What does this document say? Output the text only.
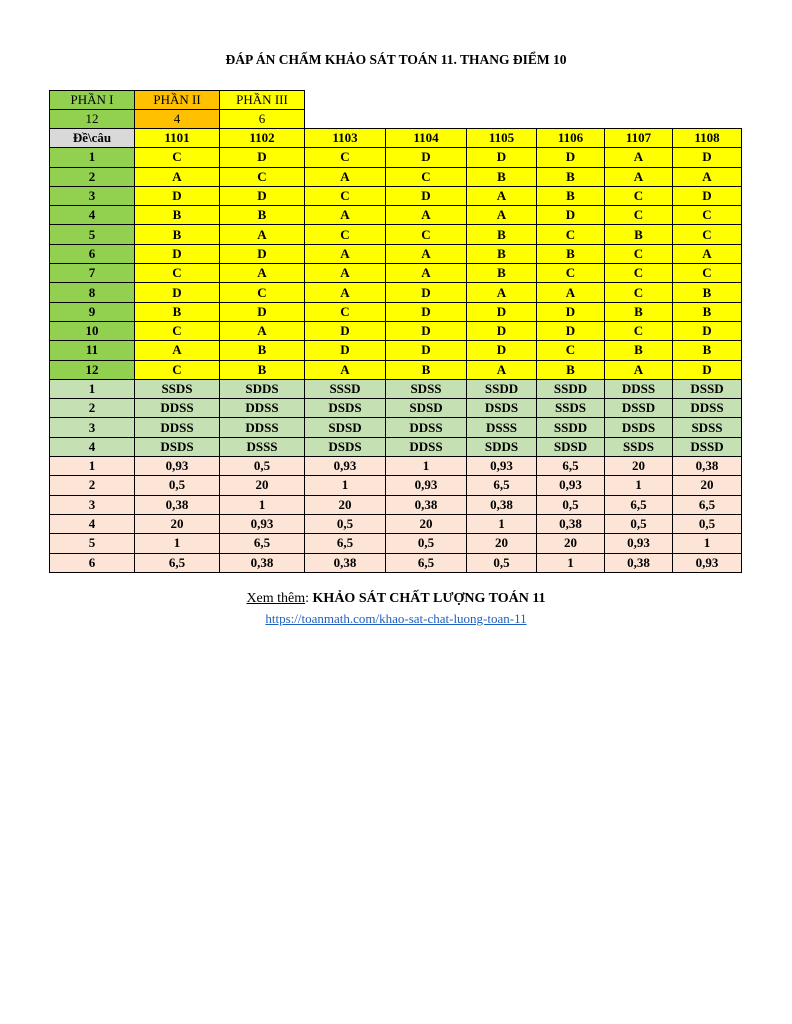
ĐÁP ÁN CHẤM KHẢO SÁT TOÁN 11. THANG ĐIỂM 10
PHẦN I	PHẦN II	PHẦN III
12	4	6
Đề\câu	1101	1102	1103	1104	1105	1106	1107	1108
1	C	D	C	D	D	D	A	D
2	A	C	A	C	B	B	A	A
3	D	D	C	D	A	B	C	D
4	B	B	A	A	A	D	C	C
5	B	A	C	C	B	C	B	C
6	D	D	A	A	B	B	C	A
7	C	A	A	A	B	C	C	C
8	D	C	A	D	A	A	C	B
9	B	D	C	D	D	D	B	B
10	C	A	D	D	D	D	C	D
11	A	B	D	D	D	C	B	B
12	C	B	A	B	A	B	A	D
1	SSDS	SDDS	SSSD	SDSS	SSDD	SSDD	DDSS	DSSD
2	DDSS	DDSS	DSDS	SDSD	DSDS	SSDS	DSSD	DDSS
3	DDSS	DDSS	SDSD	DDSS	DSSS	SSDD	DSDS	SDSS
4	DSDS	DSSS	DSDS	DDSS	SDDS	SDSD	SSDS	DSSD
1	0,93	0,5	0,93	1	0,93	6,5	20	0,38
2	0,5	20	1	0,93	6,5	0,93	1	20
3	0,38	1	20	0,38	0,38	0,5	6,5	6,5
4	20	0,93	0,5	20	1	0,38	0,5	0,5
5	1	6,5	6,5	0,5	20	20	0,93	1
6	6,5	0,38	0,38	6,5	0,5	1	0,38	0,93
Xem thêm: KHẢO SÁT CHẤT LƯỢNG TOÁN 11
https://toanmath.com/khao-sat-chat-luong-toan-11
